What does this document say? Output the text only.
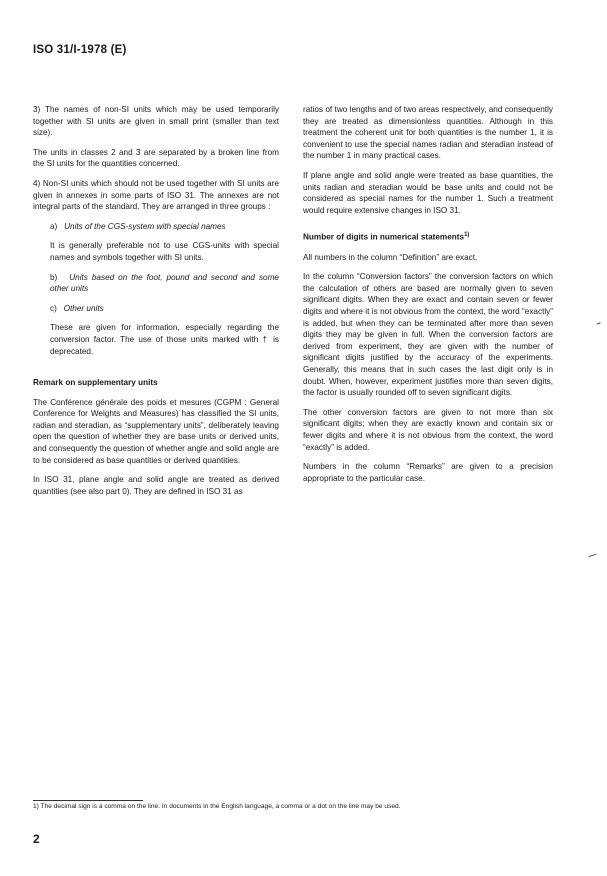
ISO 31/I-1978 (E)

3) The names of non-SI units which may be used temporarily together with SI units are given in small print (smaller than text size).

The units in classes 2 and 3 are separated by a broken line from the SI units for the quantities concerned.

4) Non-SI units which should not be used together with SI units are given in annexes in some parts of ISO 31. The annexes are not integral parts of the standard. They are arranged in three groups :

a) Units of the CGS-system with special names

It is generally preferable not to use CGS-units with special names and symbols together with SI units.

b) Units based on the foot, pound and second and some other units

c) Other units

These are given for information, especially regarding the conversion factor. The use of those units marked with † is deprecated.

Remark on supplementary units

The Conférence générale des poids et mesures (CGPM : General Conference for Weights and Measures) has classified the SI units, radian and steradian, as “supplementary units”, deliberately leaving open the question of whether they are base units or derived units, and consequently the question of whether angle and solid angle are to be considered as base quantities or derived quantities.

In ISO 31, plane angle and solid angle are treated as derived quantities (see also part 0). They are defined in ISO 31 as

ratios of two lengths and of two areas respectively, and consequently they are treated as dimensionless quantities. Although in this treatment the coherent unit for both quantities is the number 1, it is convenient to use the special names radian and steradian instead of the number 1 in many practical cases.

If plane angle and solid angle were treated as base quantities, the units radian and steradian would be base units and could not be considered as special names for the number 1. Such a treatment would require extensive changes in ISO 31.

Number of digits in numerical statements$^{1)}$

All numbers in the column “Definition” are exact.

In the column “Conversion factors” the conversion factors on which the calculation of others are based are normally given to seven significant digits. When they are exact and contain seven or fewer digits and where it is not obvious from the context, the word “exactly” is added, but when they can be terminated after more than seven digits they may be given in full. When the conversion factors are derived from experiment, they are given with the number of significant digits justified by the accuracy of the experiments. Generally, this means that in such cases the last digit only is in doubt. When, however, experiment justifies more than seven digits, the factor is usually rounded off to seven significant digits.

The other conversion factors are given to not more than six significant digits; when they are exactly known and contain six or fewer digits and where it is not obvious from the context, the word “exactly” is added.

Numbers in the column “Remarks” are given to a precision appropriate to the particular case.

1) The decimal sign is a comma on the line. In documents in the English language, a comma or a dot on the line may be used.
2
